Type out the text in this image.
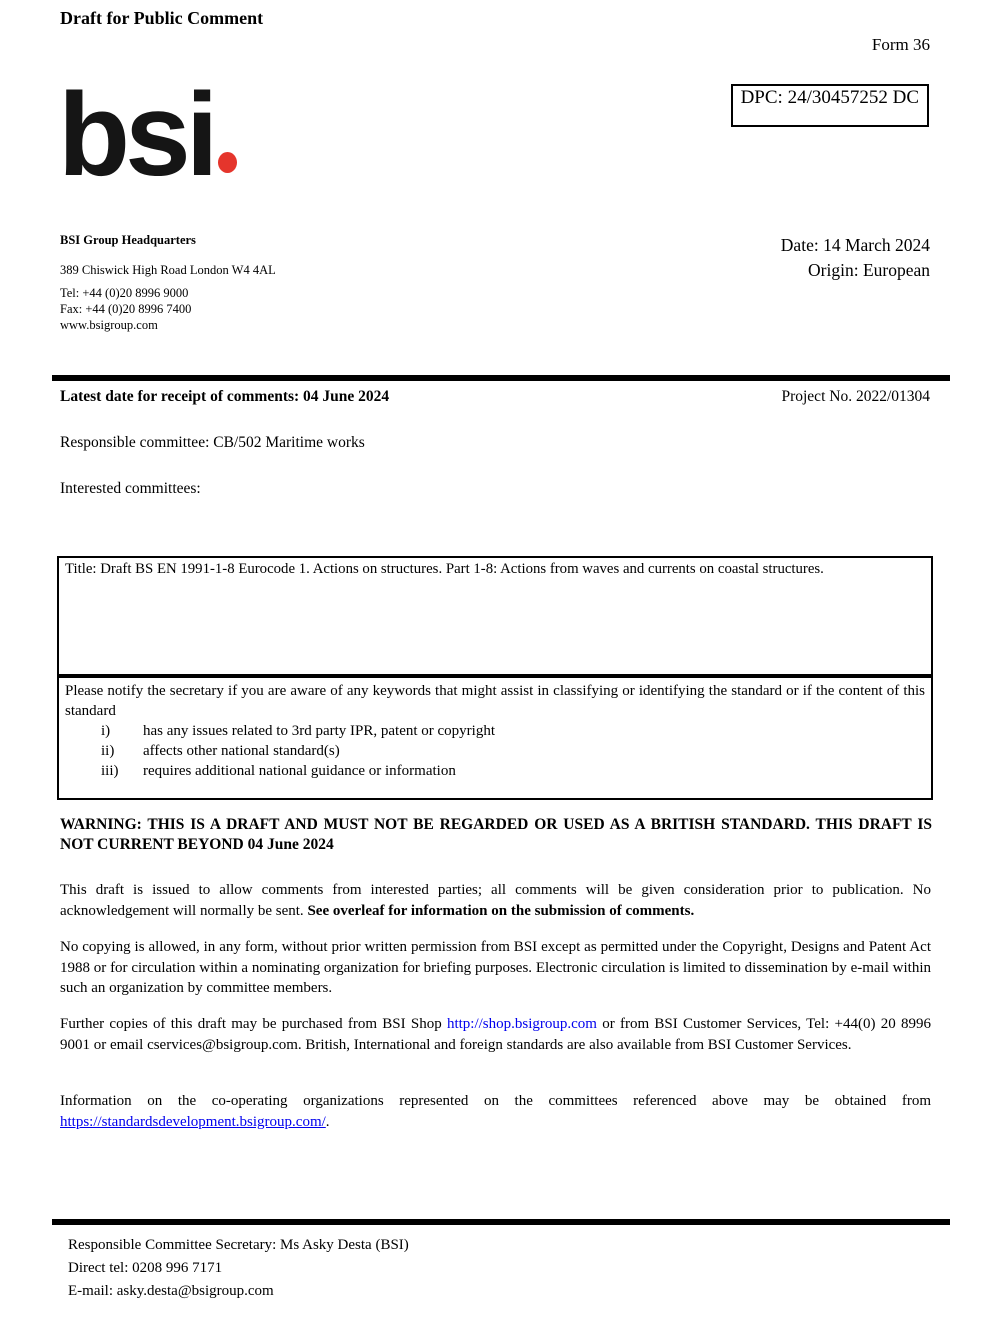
Draft for Public Comment
Form 36
DPC: 24/30457252 DC
bsi
BSI Group Headquarters
389 Chiswick High Road London W4 4AL
Tel: +44 (0)20 8996 9000
Fax: +44 (0)20 8996 7400
www.bsigroup.com
Date: 14 March 2024
Origin: European
Latest date for receipt of comments: 04 June 2024	Project No. 2022/01304
Responsible committee: CB/502 Maritime works
Interested committees:
Title: Draft BS EN 1991-1-8 Eurocode 1. Actions on structures. Part 1-8: Actions from waves and currents on coastal structures.
Please notify the secretary if you are aware of any keywords that might assist in classifying or identifying the standard or if the content of this standard
i)	has any issues related to 3rd party IPR, patent or copyright
ii)	affects other national standard(s)
iii)	requires additional national guidance or information
WARNING: THIS IS A DRAFT AND MUST NOT BE REGARDED OR USED AS A BRITISH STANDARD. THIS DRAFT IS NOT CURRENT BEYOND 04 June 2024
This draft is issued to allow comments from interested parties; all comments will be given consideration prior to publication. No acknowledgement will normally be sent. See overleaf for information on the submission of comments.
No copying is allowed, in any form, without prior written permission from BSI except as permitted under the Copyright, Designs and Patent Act 1988 or for circulation within a nominating organization for briefing purposes. Electronic circulation is limited to dissemination by e-mail within such an organization by committee members.
Further copies of this draft may be purchased from BSI Shop http://shop.bsigroup.com or from BSI Customer Services, Tel: +44(0) 20 8996 9001 or email cservices@bsigroup.com. British, International and foreign standards are also available from BSI Customer Services.
Information on the co-operating organizations represented on the committees referenced above may be obtained from https://standardsdevelopment.bsigroup.com/.
Responsible Committee Secretary: Ms Asky Desta (BSI)
Direct tel: 0208 996 7171
E-mail: asky.desta@bsigroup.com
